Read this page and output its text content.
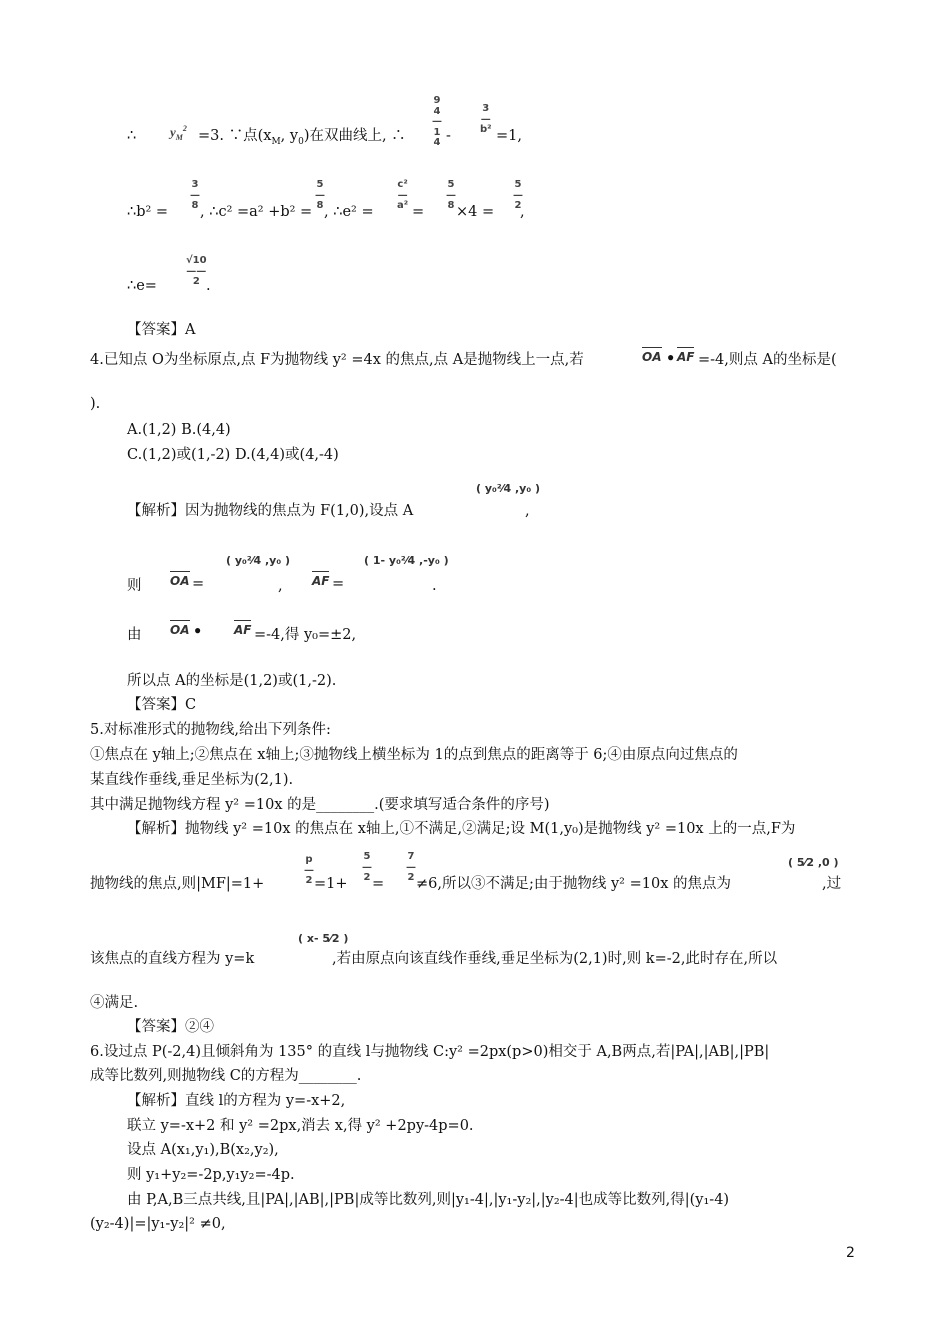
∴	$y_M^2 =3$. ∵点($x_M$, $y_0$)在双曲线上, ∴
9
4
—
1
4 -
3
—
b² =1,
∴b² =
3
—
8 , ∴c² =a² +b² =
5
—
8 , ∴e² =
c²
—
a² =
5
—
8 ×4 =
5
—
2
,
∴e=
√10
——
2 .
【答案】A
4.已知点 O为坐标原点,点 F为抛物线 y² =4x 的焦点,点 A是抛物线上一点,若	OA • AF =-4,则点 A的坐标是(
).
A.(1,2) B.(4,4)
C.(1,2)或(1,-2) D.(4,4)或(4,-4)
【解析】因为抛物线的焦点为 F(1,0),设点 A
( y₀²⁄4 ,y₀ )
,
则 OA =
( y₀²⁄4 ,y₀ )
, AF =
( 1- y₀²⁄4 ,-y₀ )
.
由 OA •	AF =-4,得 y₀=±2,
所以点 A的坐标是(1,2)或(1,-2).
【答案】C
5.对标准形式的抛物线,给出下列条件:
①焦点在 y轴上;②焦点在 x轴上;③抛物线上横坐标为 1的点到焦点的距离等于 6;④由原点向过焦点的
某直线作垂线,垂足坐标为(2,1).
其中满足抛物线方程 y² =10x 的是________.(要求填写适合条件的序号)
【解析】抛物线 y² =10x 的焦点在 x轴上,①不满足,②满足;设 M(1,y₀)是抛物线 y² =10x 上的一点,F为
抛物线的焦点,则|MF|=1+
p
—
2 =1+
5
—
2 =
7
—
2 ≠6,所以③不满足;由于抛物线 y² =10x 的焦点为
( 5⁄2 ,0 )
,过
该焦点的直线方程为 y=k
( x- 5⁄2 )
,若由原点向该直线作垂线,垂足坐标为(2,1)时,则 k=-2,此时存在,所以
④满足.
【答案】②④
6.设过点 P(-2,4)且倾斜角为 135° 的直线 l与抛物线 C:y² =2px(p>0)相交于 A,B两点,若|PA|,|AB|,|PB|
成等比数列,则抛物线 C的方程为________.
【解析】直线 l的方程为 y=-x+2,
联立 y=-x+2 和 y² =2px,消去 x,得 y² +2py-4p=0.
设点 A(x₁,y₁),B(x₂,y₂),
则 y₁+y₂=-2p,y₁y₂=-4p.
由 P,A,B三点共线,且|PA|,|AB|,|PB|成等比数列,则|y₁-4|,|y₁-y₂|,|y₂-4|也成等比数列,得|(y₁-4)
(y₂-4)|=|y₁-y₂|² ≠0,
2
